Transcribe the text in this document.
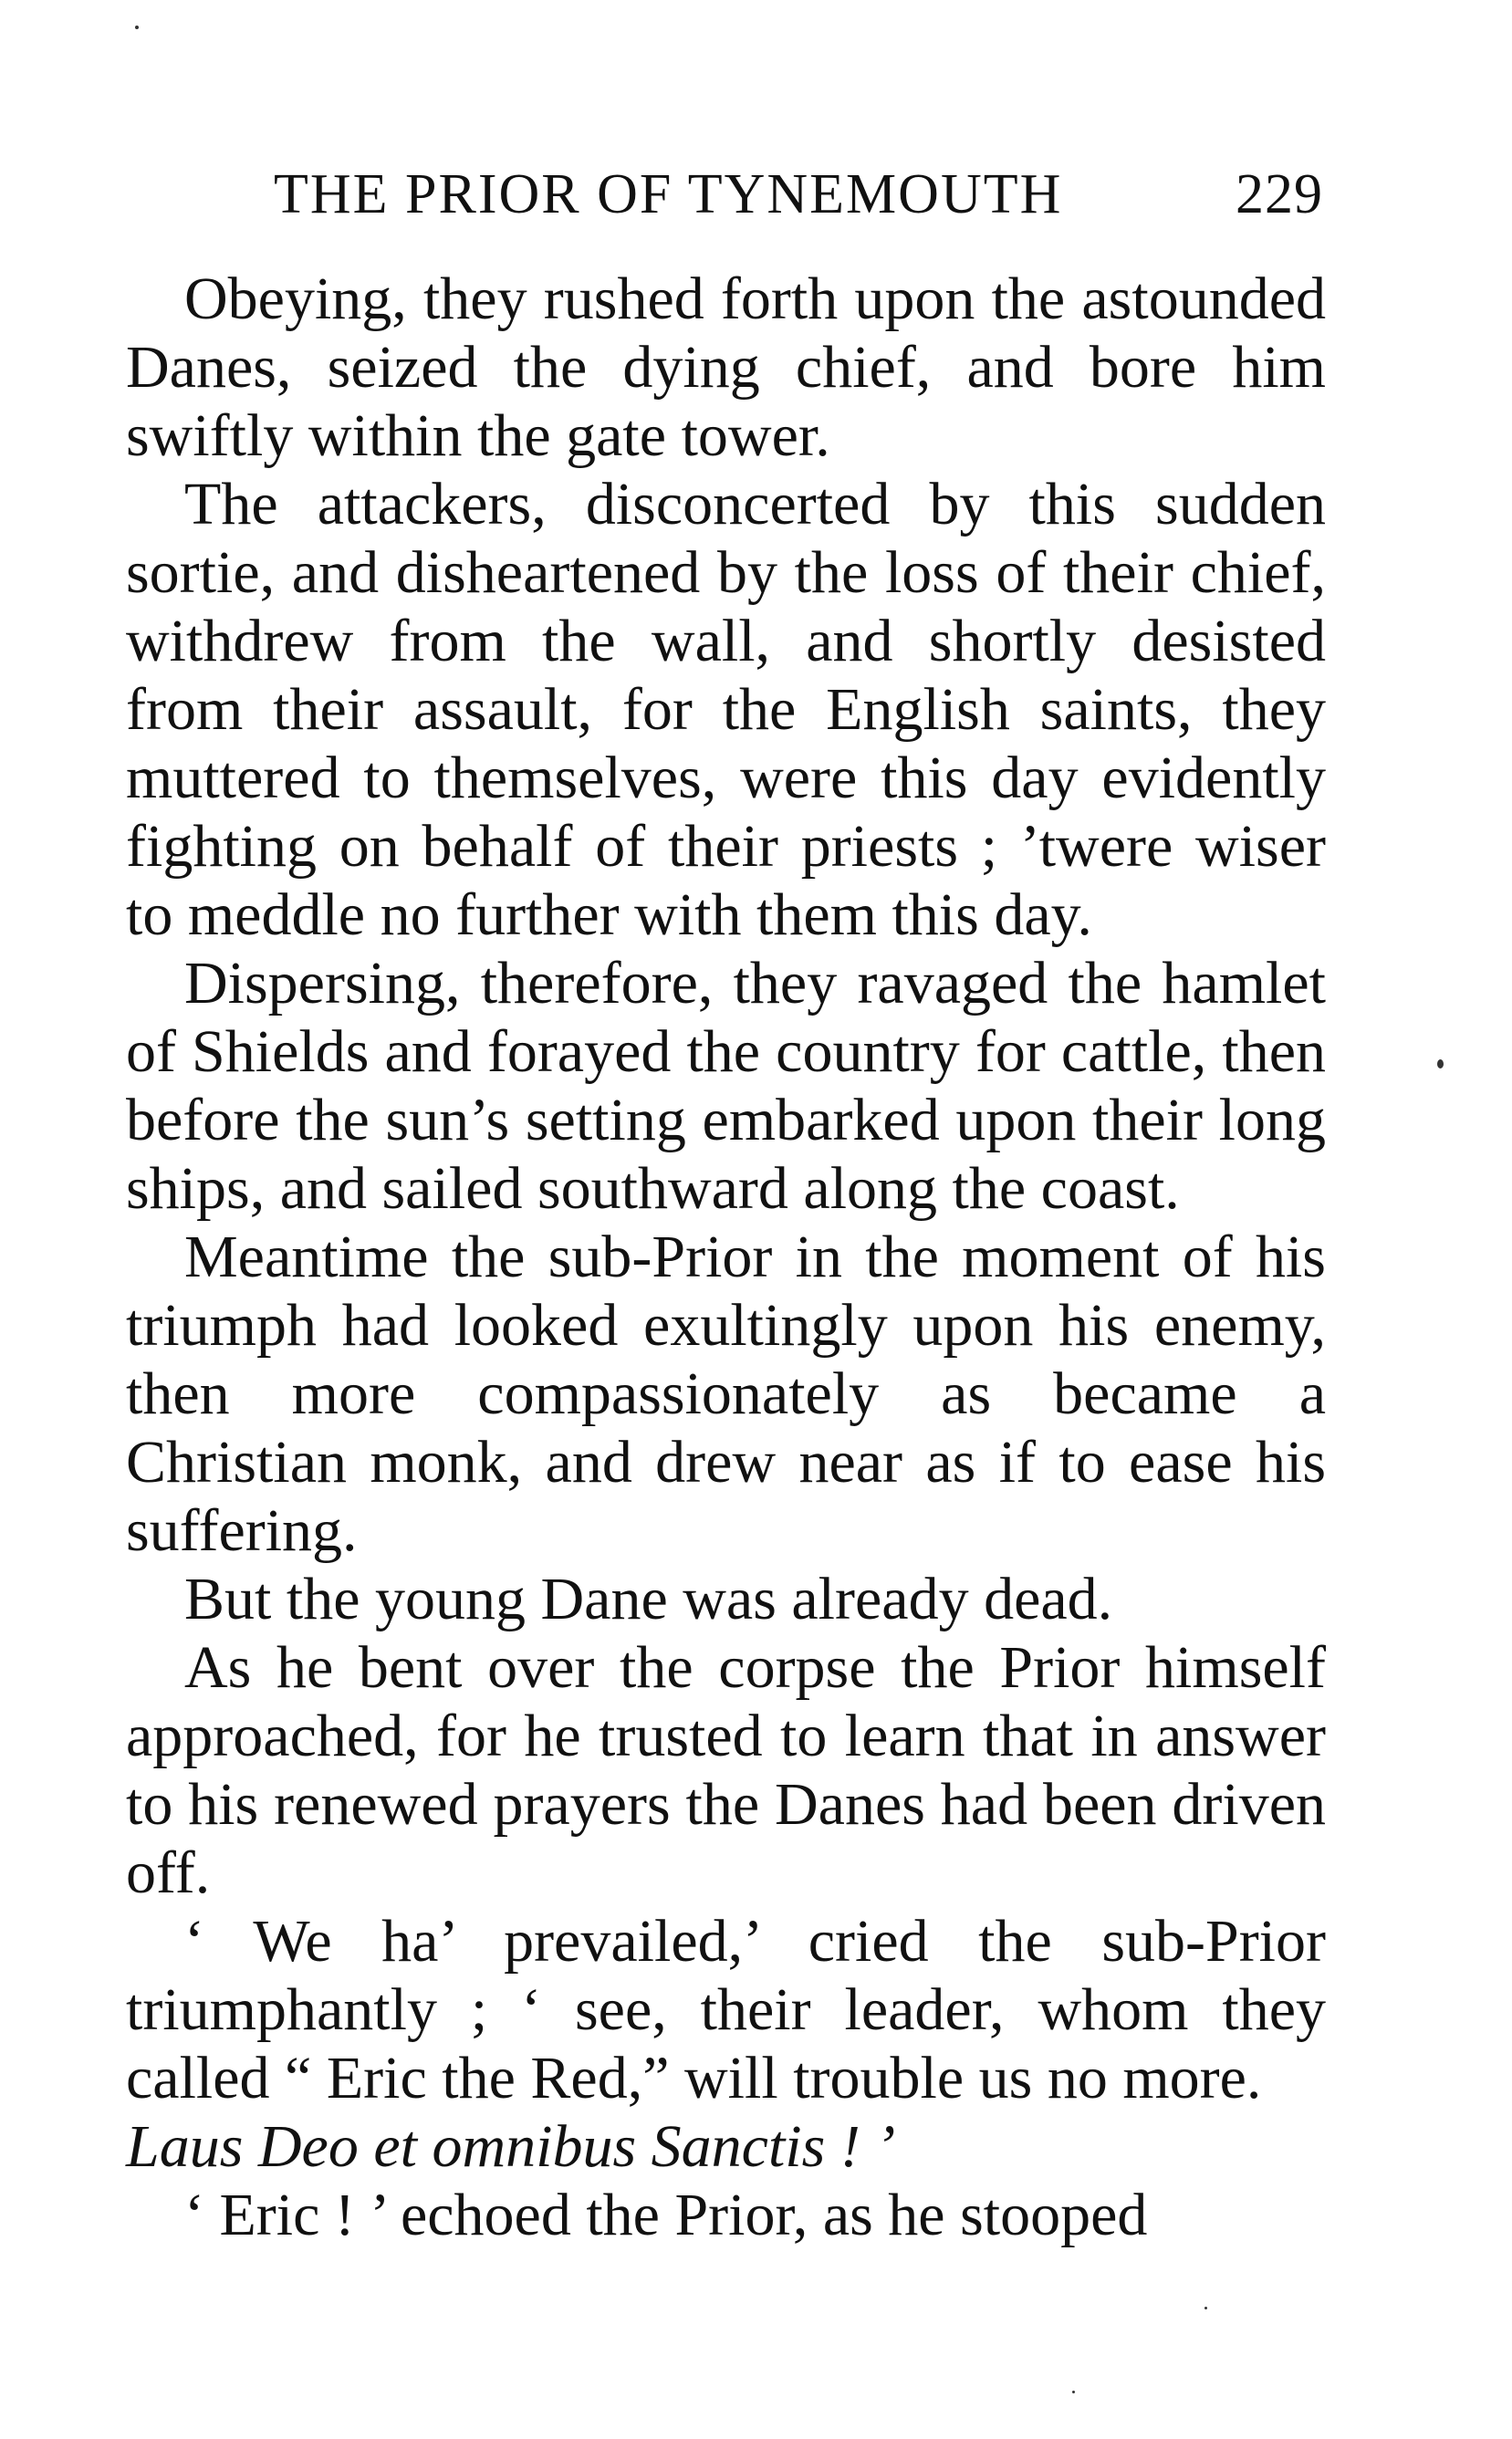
THE PRIOR OF TYNEMOUTH	229

Obeying, they rushed forth upon the astounded Danes, seized the dying chief, and bore him swiftly within the gate tower.

The attackers, disconcerted by this sudden sortie, and disheartened by the loss of their chief, withdrew from the wall, and shortly desisted from their assault, for the English saints, they muttered to themselves, were this day evidently fighting on behalf of their priests ; ’twere wiser to meddle no further with them this day.

Dispersing, therefore, they ravaged the hamlet of Shields and forayed the country for cattle, then before the sun’s setting embarked upon their long ships, and sailed southward along the coast.

Meantime the sub-Prior in the moment of his triumph had looked exultingly upon his enemy, then more compassionately as became a Christian monk, and drew near as if to ease his suffering.

But the young Dane was already dead.

As he bent over the corpse the Prior himself approached, for he trusted to learn that in answer to his renewed prayers the Danes had been driven off.

‘ We ha’ prevailed,’ cried the sub-Prior triumphantly ; ‘ see, their leader, whom they called “ Eric the Red,” will trouble us no more.
Laus Deo et omnibus Sanctis ! ’

‘ Eric ! ’ echoed the Prior, as he stooped
